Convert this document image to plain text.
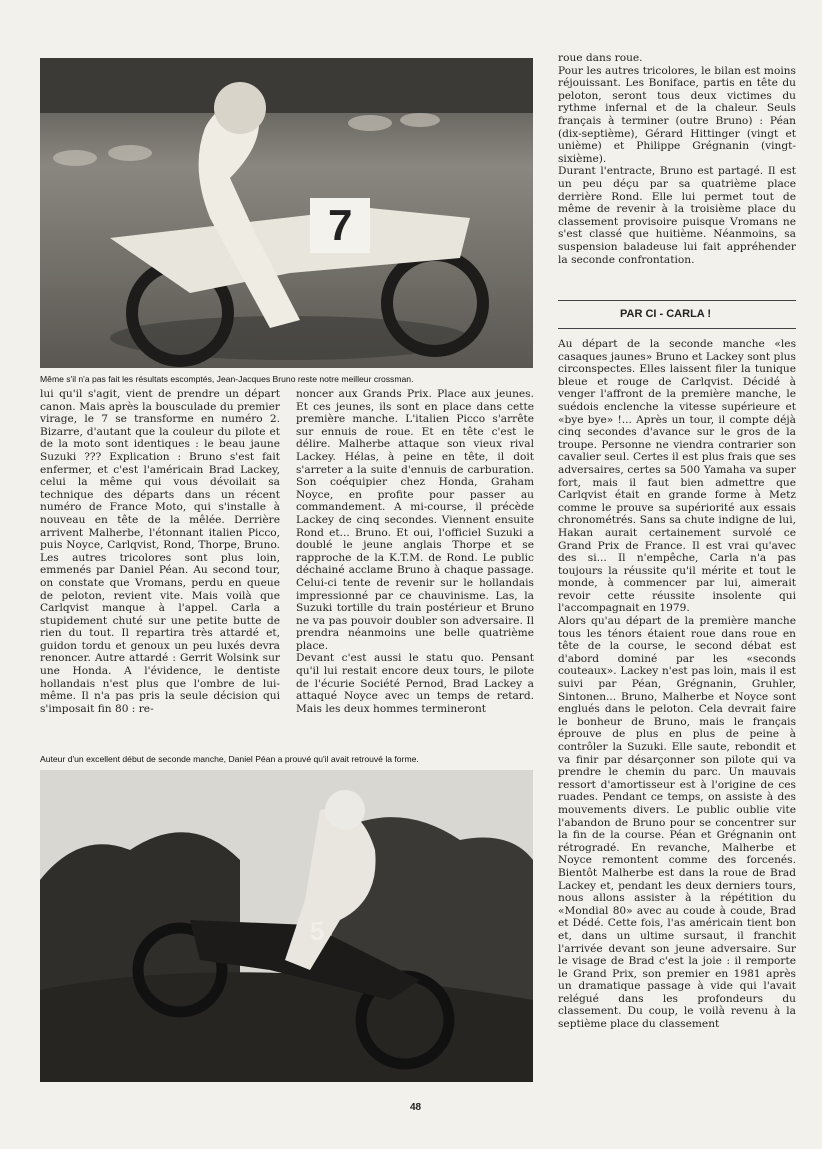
7
Même s'il n'a pas fait les résultats escomptés, Jean-Jacques Bruno reste notre meilleur crossman.

lui qu'il s'agit, vient de prendre un départ canon. Mais après la bousculade du premier virage, le 7 se transforme en numéro 2. Bizarre, d'autant que la couleur du pilote et de la moto sont identiques : le beau jaune Suzuki ??? Explication : Bruno s'est fait enfermer, et c'est l'américain Brad Lackey, celui la même qui vous dévoilait sa technique des départs dans un récent numéro de France Moto, qui s'installe à nouveau en tête de la mêlée. Derrière arrivent Malherbe, l'étonnant italien Picco, puis Noyce, Carlqvist, Rond, Thorpe, Bruno. Les autres tricolores sont plus loin, emmenés par Daniel Péan. Au second tour, on constate que Vromans, perdu en queue de peloton, revient vite. Mais voilà que Carlqvist manque à l'appel. Carla a stupidement chuté sur une petite butte de rien du tout. Il repartira très attardé et, guidon tordu et genoux un peu luxés devra renoncer. Autre attardé : Gerrit Wolsink sur une Honda. A l'évidence, le dentiste hollandais n'est plus que l'ombre de lui-même. Il n'a pas pris la seule décision qui s'imposait fin 80 : re-

noncer aux Grands Prix. Place aux jeunes. Et ces jeunes, ils sont en place dans cette première manche. L'italien Picco s'arrête sur ennuis de roue. Et en tête c'est le délire. Malherbe attaque son vieux rival Lackey. Hélas, à peine en tête, il doit s'arreter a la suite d'ennuis de carburation. Son coéquipier chez Honda, Graham Noyce, en profite pour passer au commandement. A mi-course, il précède Lackey de cinq secondes. Viennent ensuite Rond et... Bruno. Et oui, l'officiel Suzuki a doublé le jeune anglais Thorpe et se rapproche de la K.T.M. de Rond. Le public déchainé acclame Bruno à chaque passage. Celui-ci tente de revenir sur le hollandais impressionné par ce chauvinisme. Las, la Suzuki tortille du train postérieur et Bruno ne va pas pouvoir doubler son adversaire. Il prendra néanmoins une belle quatrième place.

Devant c'est aussi le statu quo. Pensant qu'il lui restait encore deux tours, le pilote de l'écurie Société Pernod, Brad Lackey a attaqué Noyce avec un temps de retard. Mais les deux hommes termineront

Auteur d'un excellent début de seconde manche, Daniel Péan a prouvé qu'il avait retrouvé la forme.
5

roue dans roue.

Pour les autres tricolores, le bilan est moins réjouissant. Les Boniface, partis en tête du peloton, seront tous deux victimes du rythme infernal et de la chaleur. Seuls français à terminer (outre Bruno) : Péan (dix-septième), Gérard Hittinger (vingt et unième) et Philippe Grégnanin (vingt-sixième).

Durant l'entracte, Bruno est partagé. Il est un peu déçu par sa quatrième place derrière Rond. Elle lui permet tout de même de revenir à la troisième place du classement provisoire puisque Vromans ne s'est classé que huitième. Néanmoins, sa suspension baladeuse lui fait appréhender la seconde confrontation.

PAR CI - CARLA !

Au départ de la seconde manche «les casaques jaunes» Bruno et Lackey sont plus circonspectes. Elles laissent filer la tunique bleue et rouge de Carlqvist. Décidé à venger l'affront de la première manche, le suédois enclenche la vitesse supérieure et «bye bye» !... Après un tour, il compte déjà cinq secondes d'avance sur le gros de la troupe. Personne ne viendra contrarier son cavalier seul. Certes il est plus frais que ses adversaires, certes sa 500 Yamaha va super fort, mais il faut bien admettre que Carlqvist était en grande forme à Metz comme le prouve sa supériorité aux essais chronométrés. Sans sa chute indigne de lui, Hakan aurait certainement survolé ce Grand Prix de France. Il est vrai qu'avec des si... Il n'empêche, Carla n'a pas toujours la réussite qu'il mérite et tout le monde, à commencer par lui, aimerait revoir cette réussite insolente qui l'accompagnait en 1979.

Alors qu'au départ de la première manche tous les ténors étaient roue dans roue en tête de la course, le second débat est d'abord dominé par les «seconds couteaux». Lackey n'est pas loin, mais il est suivi par Péan, Grégnanin, Gruhler, Sintonen... Bruno, Malherbe et Noyce sont englués dans le peloton. Cela devrait faire le bonheur de Bruno, mais le français éprouve de plus en plus de peine à contrôler la Suzuki. Elle saute, rebondit et va finir par désarçonner son pilote qui va prendre le chemin du parc. Un mauvais ressort d'amortisseur est à l'origine de ces ruades. Pendant ce temps, on assiste à des mouvements divers. Le public oublie vite l'abandon de Bruno pour se concentrer sur la fin de la course. Péan et Grégnanin ont rétrogradé. En revanche, Malherbe et Noyce remontent comme des forcenés. Bientôt Malherbe est dans la roue de Brad Lackey et, pendant les deux derniers tours, nous allons assister à la répétition du «Mondial 80» avec au coude à coude, Brad et Dédé. Cette fois, l'as américain tient bon et, dans un ultime sursaut, il franchit l'arrivée devant son jeune adversaire. Sur le visage de Brad c'est la joie : il remporte le Grand Prix, son premier en 1981 après un dramatique passage à vide qui l'avait relégué dans les profondeurs du classement. Du coup, le voilà revenu à la septième place du classement

48
